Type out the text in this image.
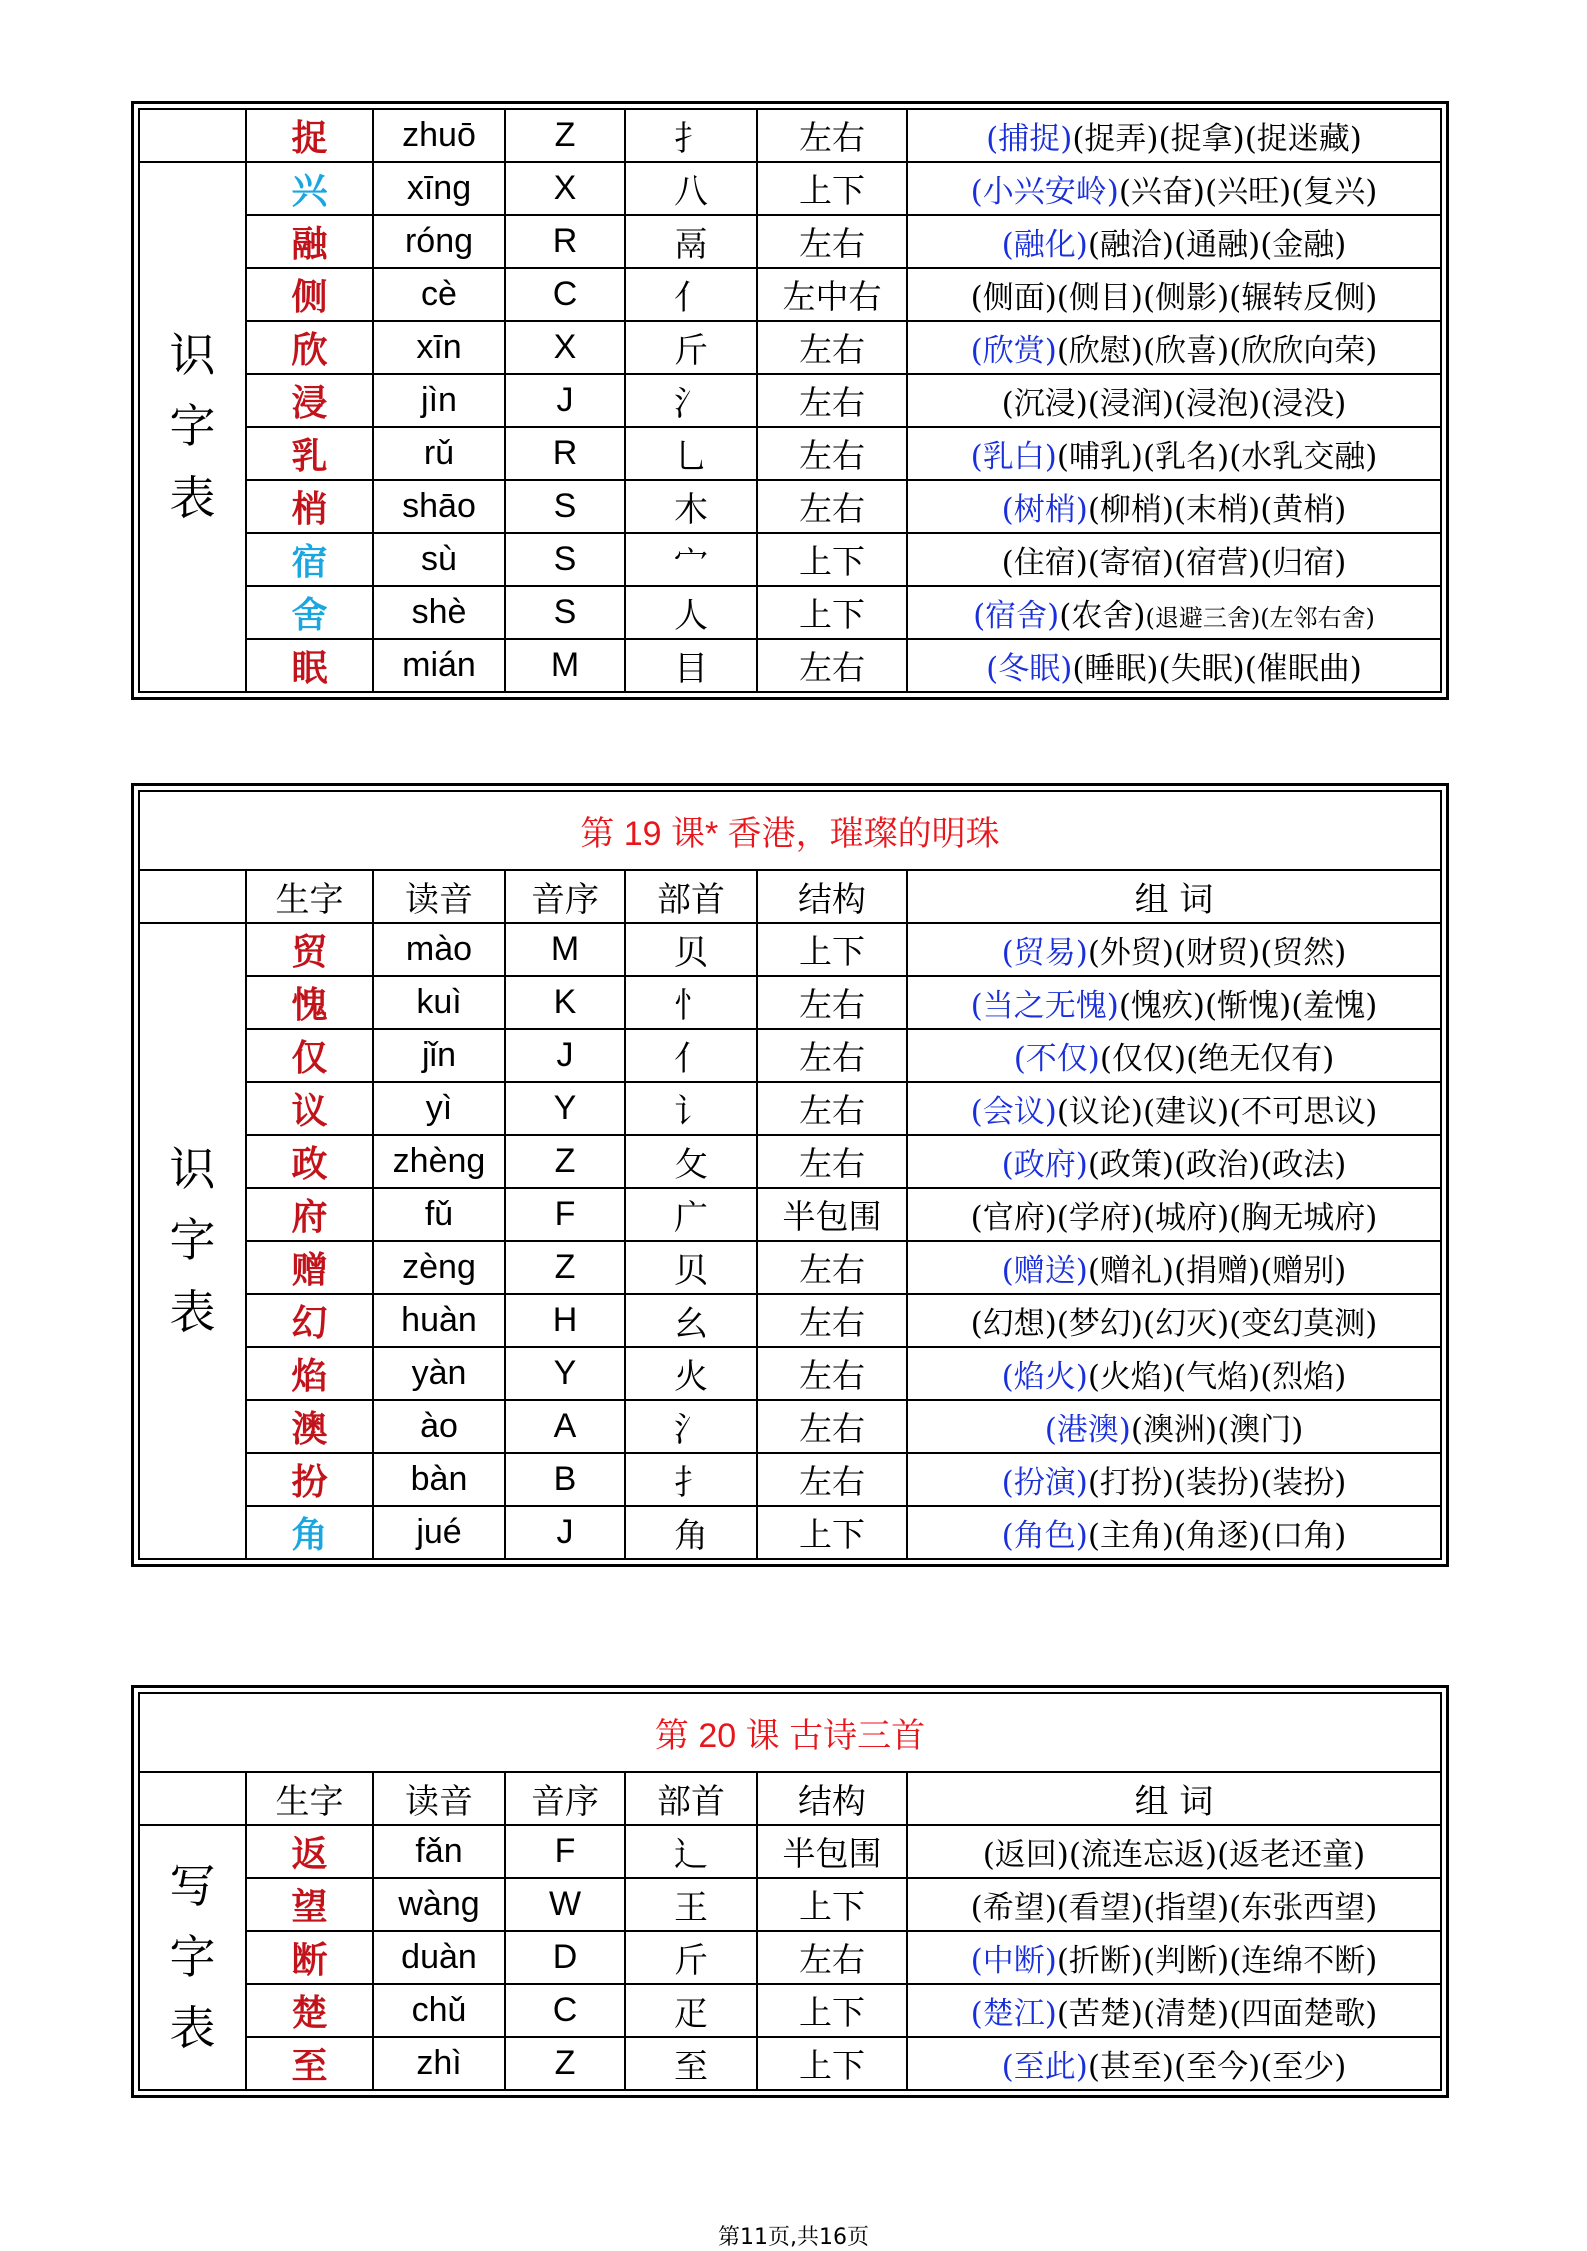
	捉	zhuō	Z	扌	左右	(捕捉)(捉弄)(捉拿)(捉迷藏)

识
字
表	兴	xīng	X	八	上下	(小兴安岭)(兴奋)(兴旺)(复兴)
	融	róng	R	鬲	左右	(融化)(融洽)(通融)(金融)
	侧	cè	C	亻	左中右	(侧面)(侧目)(侧影)(辗转反侧)
	欣	xīn	X	斤	左右	(欣赏)(欣慰)(欣喜)(欣欣向荣)
	浸	jìn	J	氵	左右	(沉浸)(浸润)(浸泡)(浸没)
	乳	rǔ	R	乚	左右	(乳白)(哺乳)(乳名)(水乳交融)
	梢	shāo	S	木	左右	(树梢)(柳梢)(末梢)(黄梢)
	宿	sù	S	宀	上下	(住宿)(寄宿)(宿营)(归宿)
	舍	shè	S	人	上下	(宿舍)(农舍)(退避三舍)(左邻右舍)
	眠	mián	M	目	左右	(冬眠)(睡眠)(失眠)(催眠曲)
第 19 课* 香港，璀璨的明珠						
	生字	读音	音序	部首	结构	组 词

识
字
表	贸	mào	M	贝	上下	(贸易)(外贸)(财贸)(贸然)
	愧	kuì	K	忄	左右	(当之无愧)(愧疚)(惭愧)(羞愧)
	仅	jǐn	J	亻	左右	(不仅)(仅仅)(绝无仅有)
	议	yì	Y	讠	左右	(会议)(议论)(建议)(不可思议)
	政	zhèng	Z	攵	左右	(政府)(政策)(政治)(政法)
	府	fǔ	F	广	半包围	(官府)(学府)(城府)(胸无城府)
	赠	zèng	Z	贝	左右	(赠送)(赠礼)(捐赠)(赠别)
	幻	huàn	H	幺	左右	(幻想)(梦幻)(幻灭)(变幻莫测)
	焰	yàn	Y	火	左右	(焰火)(火焰)(气焰)(烈焰)
	澳	ào	A	氵	左右	(港澳)(澳洲)(澳门)
	扮	bàn	B	扌	左右	(扮演)(打扮)(装扮)(装扮)
	角	jué	J	角	上下	(角色)(主角)(角逐)(口角)
第 20 课 古诗三首						
	生字	读音	音序	部首	结构	组 词

写
字
表	返	fǎn	F	辶	半包围	(返回)(流连忘返)(返老还童)
	望	wàng	W	王	上下	(希望)(看望)(指望)(东张西望)
	断	duàn	D	斤	左右	(中断)(折断)(判断)(连绵不断)
	楚	chǔ	C	疋	上下	(楚江)(苦楚)(清楚)(四面楚歌)
	至	zhì	Z	至	上下	(至此)(甚至)(至今)(至少)
第11页,共16页
